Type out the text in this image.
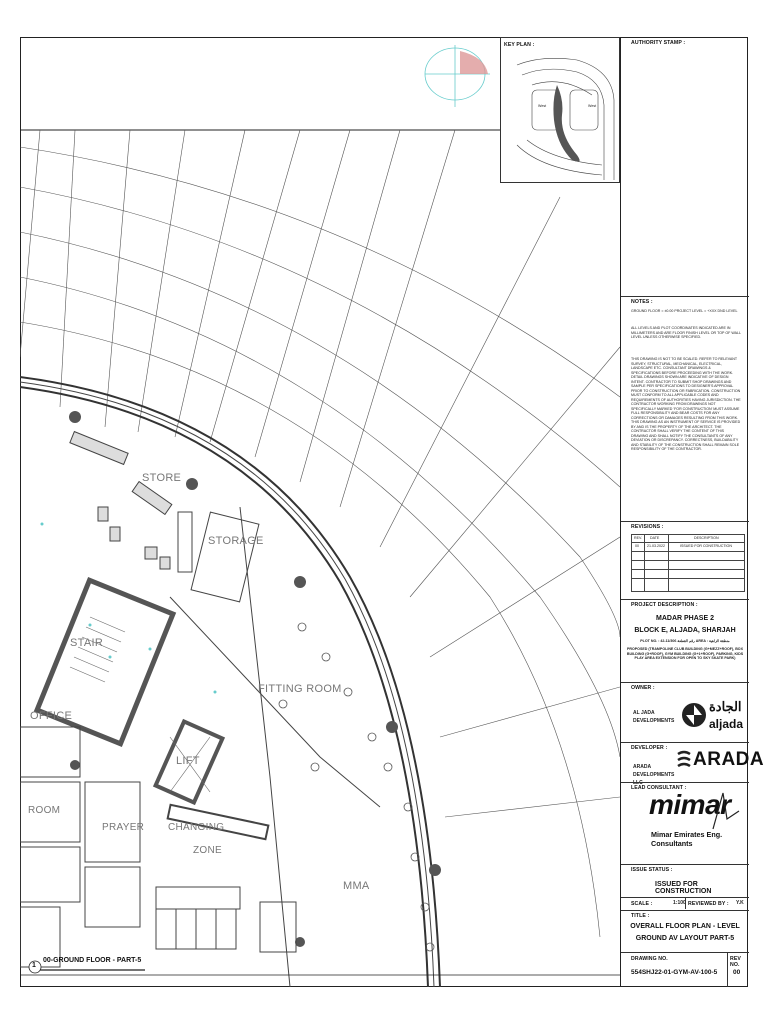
STORE
STORAGE
FITTING ROOM
STAIR
OFFICE
LIFT
MMA
CHANGING
ZONE
ROOM
PRAYER
1
00-GROUND FLOOR - PART-5
KEY PLAN :
West	West
AUTHORITY STAMP :
NOTES :
GROUND FLOOR = ±0.00 PROJECT LEVEL = +XXX DND LEVEL
ALL LEVELS AND PLOT COORDINATES INDICATED ARE IN MILLIMETERS AND ARE FLOOR FINISH LEVEL OR TOP OF WALL LEVEL UNLESS OTHERWISE SPECIFIED.
THIS DRAWING IS NOT TO BE SCALED. REFER TO RELEVANT SURVEY, STRUCTURAL, MECHANICAL, ELECTRICAL, LANDSCAPE ETC. CONSULTANT DRAWINGS & SPECIFICATIONS BEFORE PROCEEDING WITH THE WORK. DETAIL DRAWINGS SHOWN ARE INDICATIVE OF DESIGN INTENT. CONTRACTOR TO SUBMIT SHOP DRAWINGS AND SAMPLE PER SPECIFICATIONS TO DESIGNER'S APPROVAL PRIOR TO CONSTRUCTION OR FABRICATION. CONSTRUCTION MUST CONFORM TO ALL APPLICABLE CODES AND REQUIREMENTS OF AUTHORITIES HAVING JURISDICTION. THE CONTRACTOR WORKING FROM DRAWINGS NOT SPECIFICALLY MARKED 'FOR CONSTRUCTION' MUST ASSUME FULL RESPONSIBILITY AND BEAR COSTS FOR ANY CORRECTIONS OR DAMAGES RESULTING FROM THIS WORK. THIS DRAWING AS AN INSTRUMENT OF SERVICE IS PROVIDED BY AND IS THE PROPERTY OF THE ARCHITECT. THE CONTRACTOR SHALL VERIFY THE CONTENT OF THIS DRAWING AND SHALL NOTIFY THE CONSULTANTS OF ANY DEVIATION OR DISCREPANCY. CORRECTNESS, BUILDABILITY AND STABILITY OF THE CONSTRUCTION SHALL REMAIN SOLE RESPONSIBILITY OF THE CONTRACTOR.
REVISIONS :
REV. DATE	DESCRIPTION
00 21.03.2022	ISSUED FOR CONSTRUCTION
PROJECT DESCRIPTION :
MADAR PHASE 2
BLOCK E, ALJADA, SHARJAH
PLOT NO. : 42-11/306 رقم القطعة AREA : منطقة الزاهية
PROPOSED (TRAMPOLINE CLUB BUILDING (G+MEZZ+ROOF), BOX BUILDING (G+ROOF), GYM BUILDING (G+1+ROOF), PARKING, KIDS PLAY AREA EXTENSION FOR OPEN TO SKY SKATE PARK)
OWNER :
AL JADA DEVELOPMENTS
الجادة
aljada
DEVELOPER :
ARADA DEVELOPMENTS LLC
ARADA
LEAD CONSULTANT :
mimar
Mimar Emirates Eng. Consultants
ISSUE STATUS :
ISSUED FOR CONSTRUCTION
SCALE :	1:100 REVIEWED BY : Y.K
TITLE :
OVERALL FLOOR PLAN - LEVEL
GROUND AV LAYOUT PART-5
DRAWING NO.
554SHJ22-01-GYM-AV-100-5
REV NO.
00
